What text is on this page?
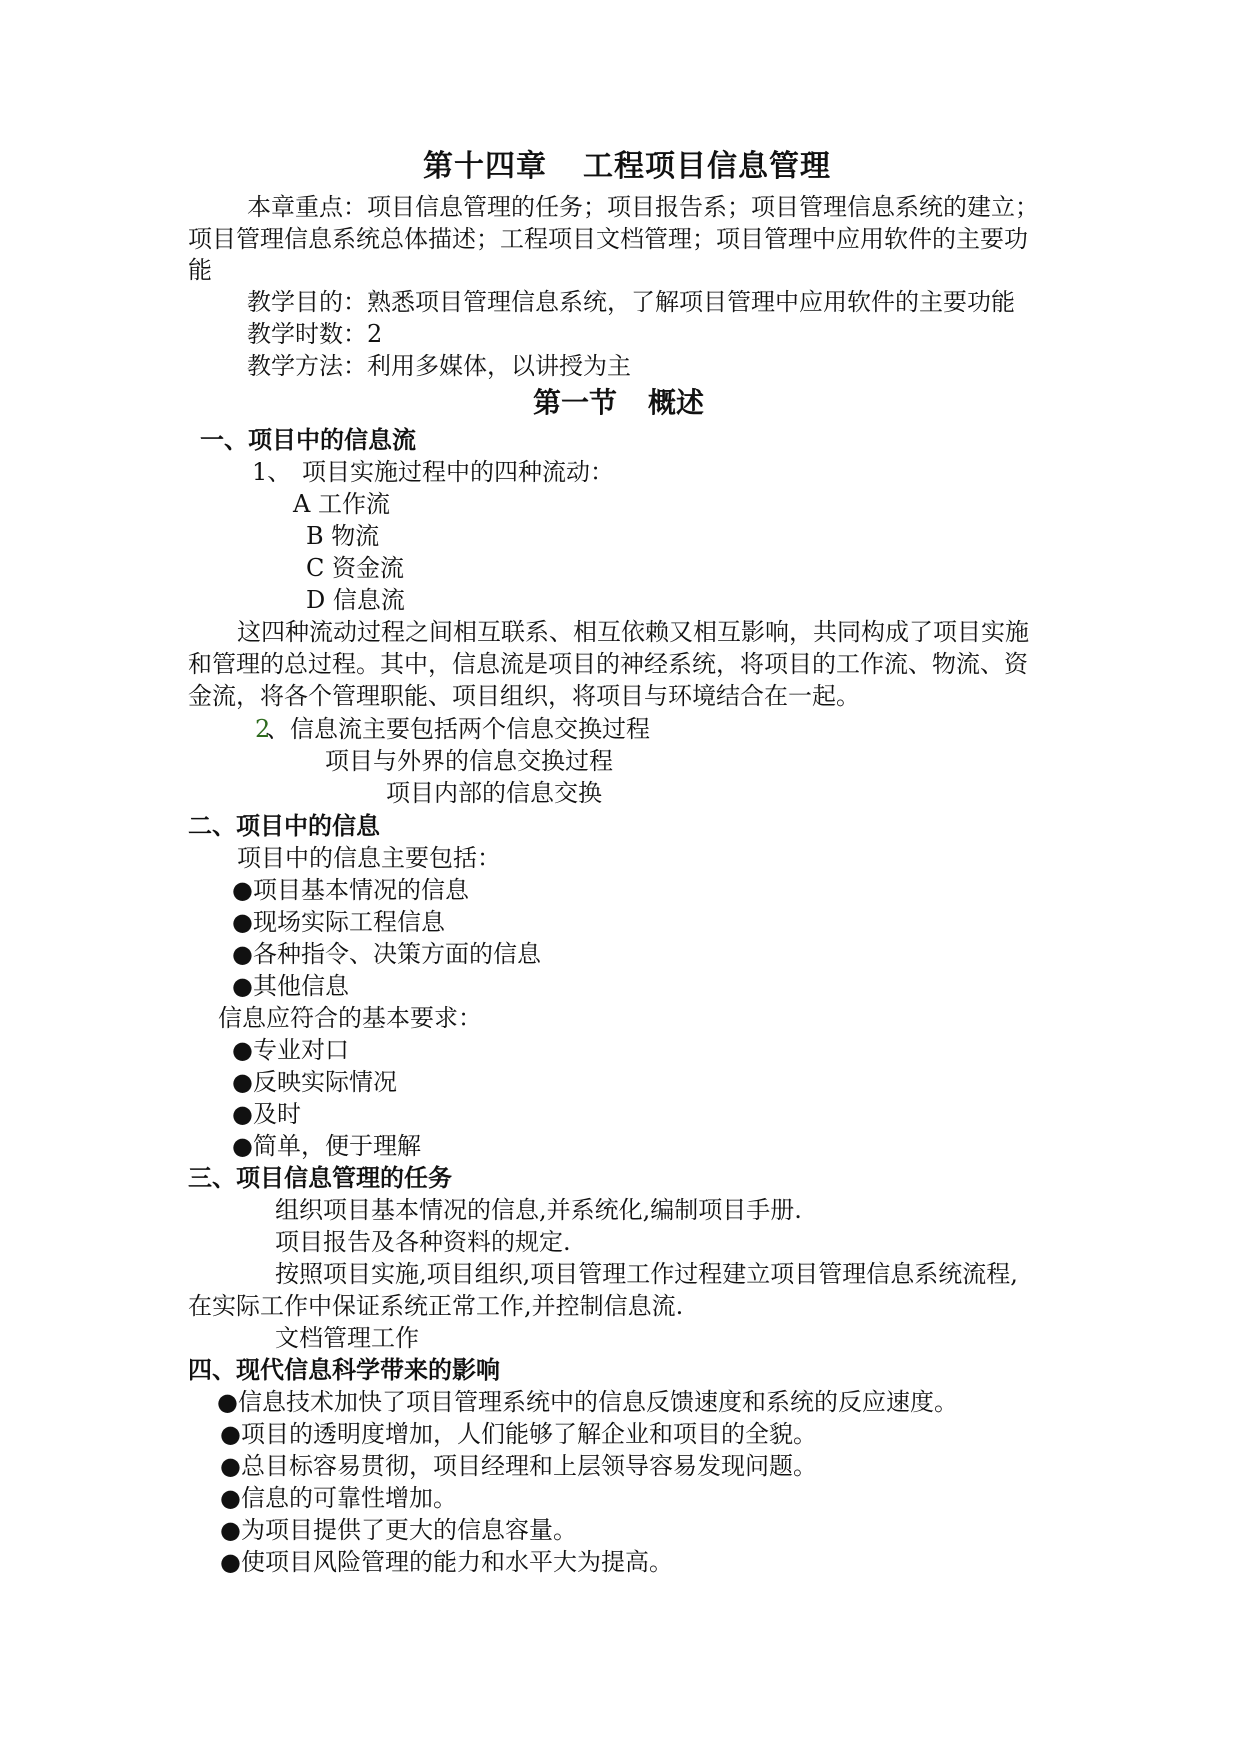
第十四章 工程项目信息管理
本章重点：项目信息管理的任务；项目报告系；项目管理信息系统的建立；
项目管理信息系统总体描述；工程项目文档管理；项目管理中应用软件的主要功
能
教学目的：熟悉项目管理信息系统，了解项目管理中应用软件的主要功能
教学时数：2
教学方法：利用多媒体，以讲授为主
第一节 概述
一、项目中的信息流
1、 项目实施过程中的四种流动：
A 工作流
B 物流
C 资金流
D 信息流
这四种流动过程之间相互联系、相互依赖又相互影响，共同构成了项目实施
和管理的总过程。其中，信息流是项目的神经系统，将项目的工作流、物流、资
金流，将各个管理职能、项目组织，将项目与环境结合在一起。
2
、信息流主要包括两个信息交换过程
项目与外界的信息交换过程
项目内部的信息交换
二、项目中的信息
项目中的信息主要包括：
●项目基本情况的信息
●现场实际工程信息
●各种指令、决策方面的信息
●其他信息
信息应符合的基本要求：
●专业对口
●反映实际情况
●及时
●简单，便于理解
三、项目信息管理的任务
组织项目基本情况的信息,并系统化,编制项目手册.
项目报告及各种资料的规定.
按照项目实施,项目组织,项目管理工作过程建立项目管理信息系统流程,
在实际工作中保证系统正常工作,并控制信息流.
文档管理工作
四、现代信息科学带来的影响
●信息技术加快了项目管理系统中的信息反馈速度和系统的反应速度。
●项目的透明度增加，人们能够了解企业和项目的全貌。
●总目标容易贯彻，项目经理和上层领导容易发现问题。
●信息的可靠性增加。
●为项目提供了更大的信息容量。
●使项目风险管理的能力和水平大为提高。
